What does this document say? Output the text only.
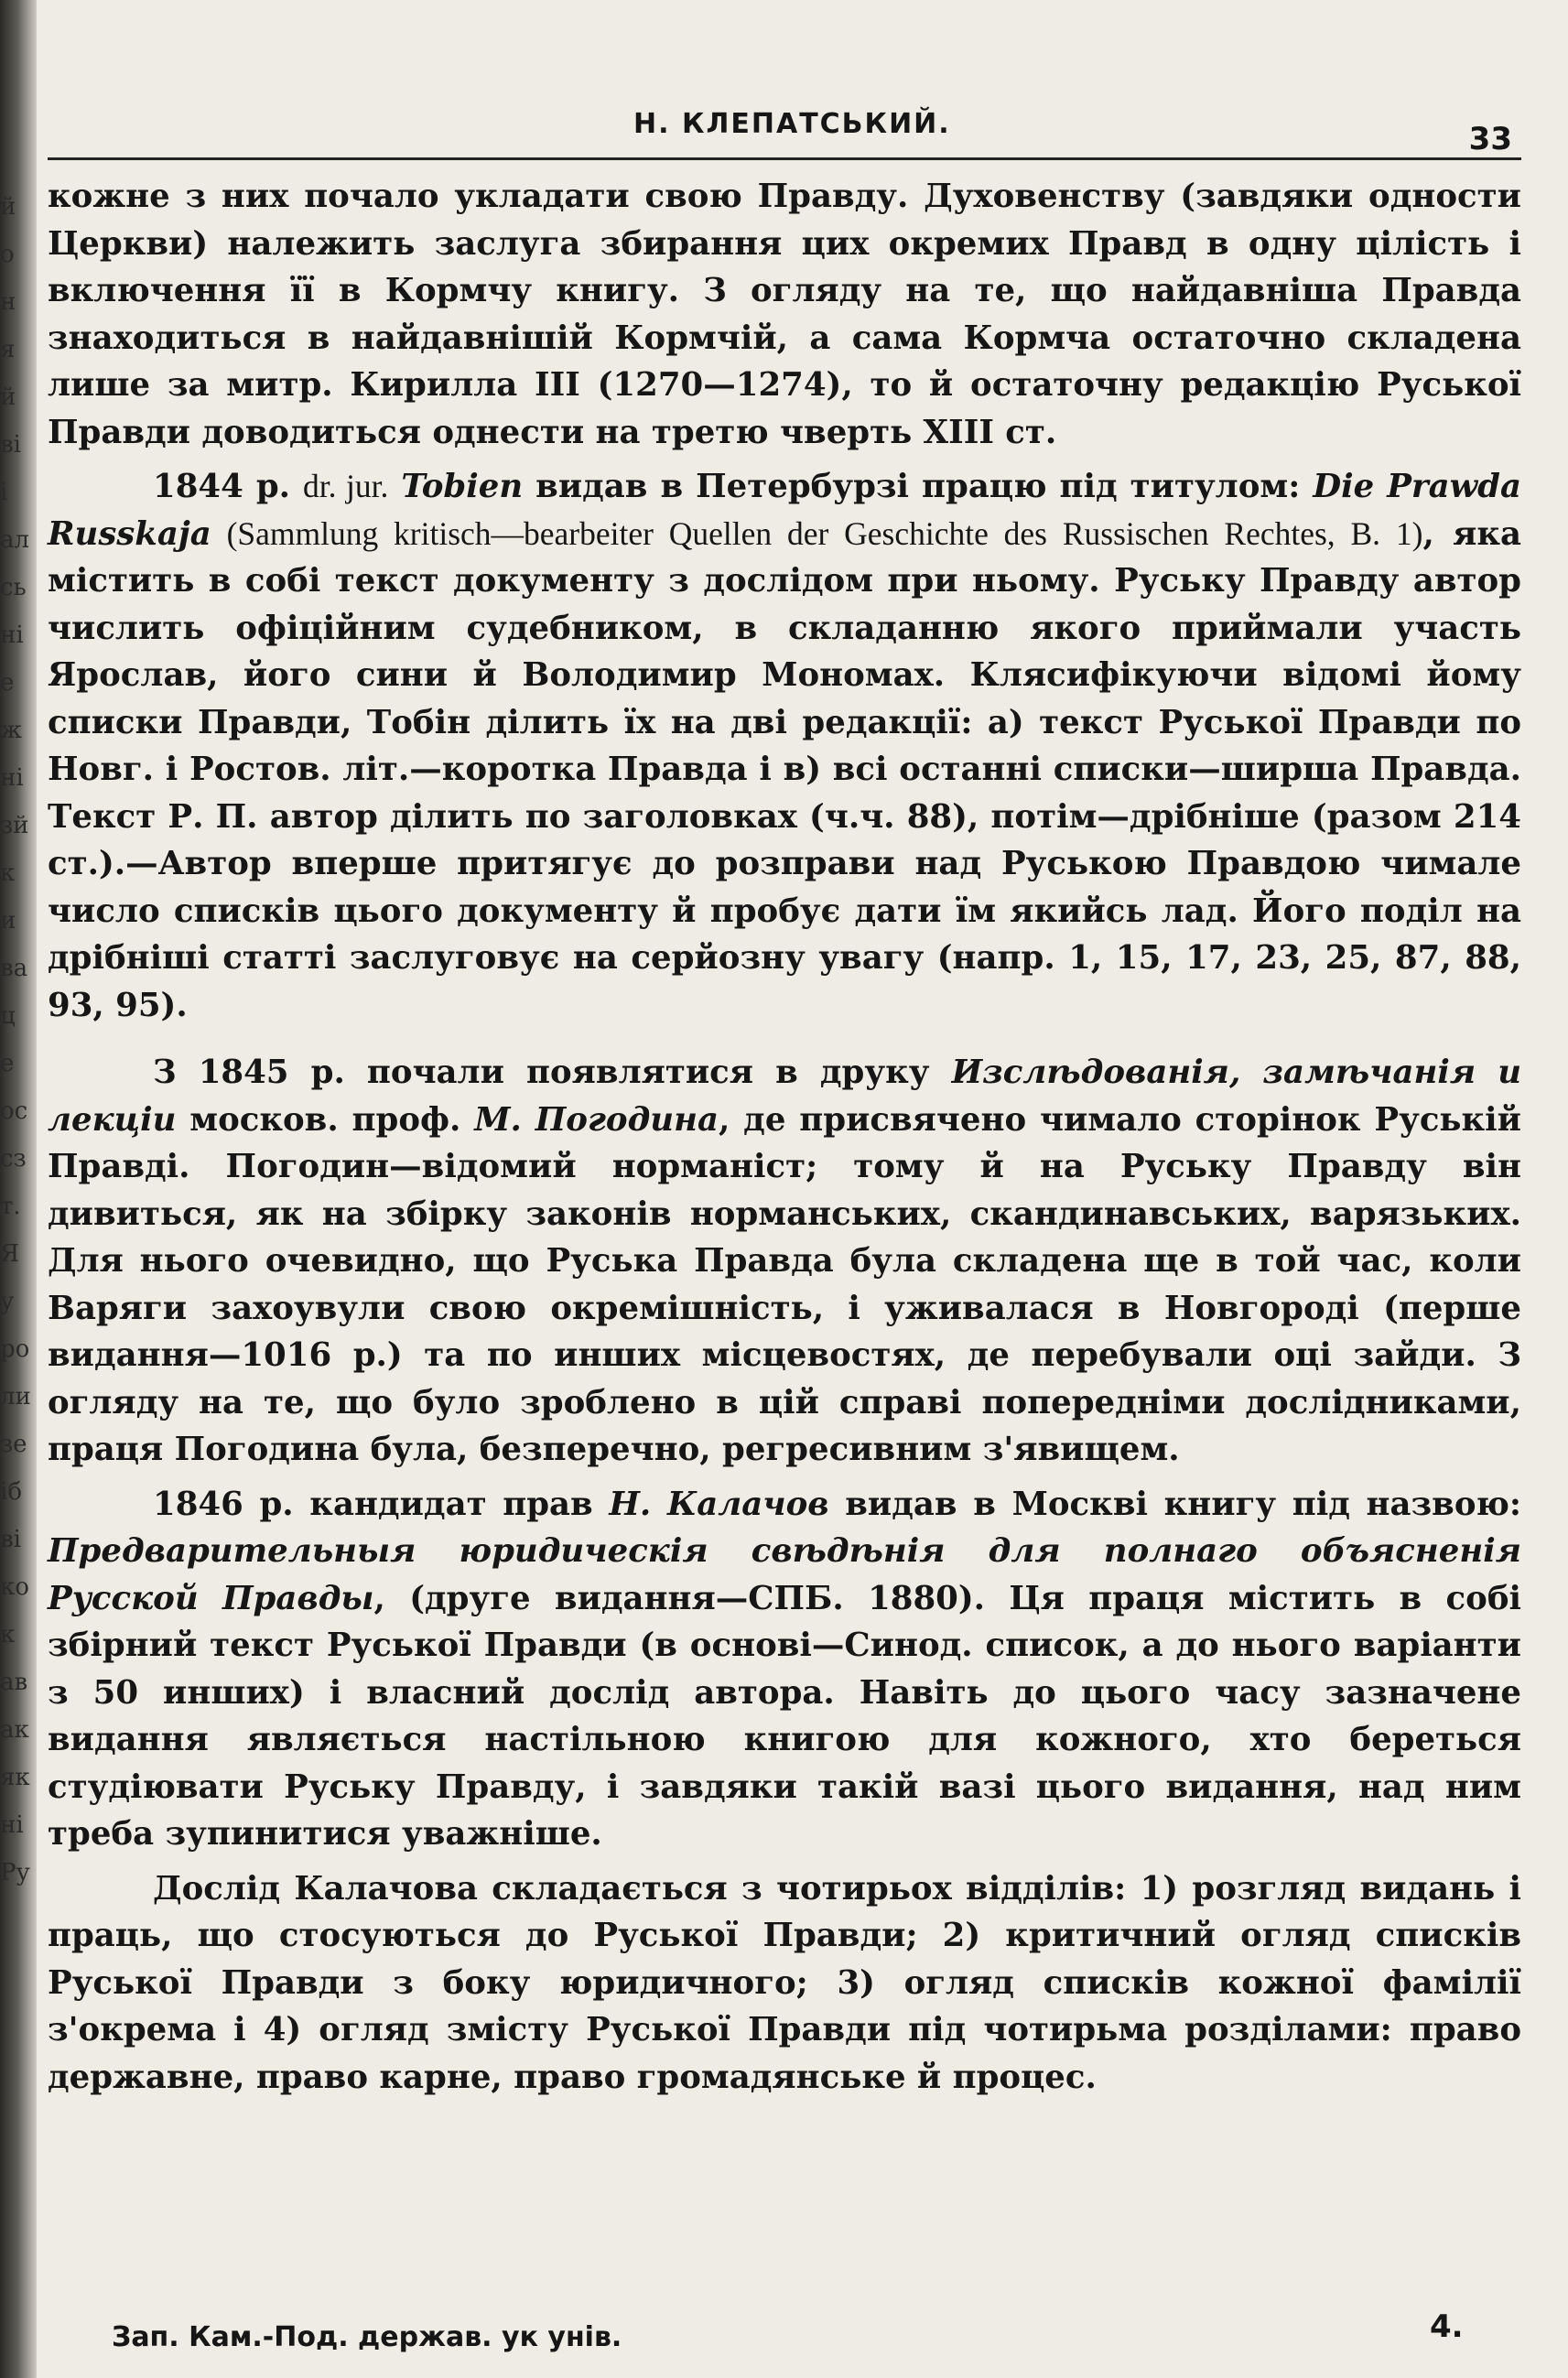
й
о
н
я
й
ві
і
ал
сь
ні
е
ж
ні
зй
к
и
ва
ц
е
ос
сз
т.
Я
у
ро
ли
зе
іб
ві
ко
к
ав
ак
як
ні
Ру
Н. КЛЕПАТСЬКИЙ.	33

кожне з них почало укладати свою Правду. Духовенству (завдяки одности Церкви) належить заслуга збирання цих окремих Правд в одну цілість і включення її в Кормчу книгу. З огляду на те, що найдавніша Правда знаходиться в найдавнішій Кормчій, а сама Кормча остаточно складена лише за митр. Кирилла III (1270—1274), то й остаточну редакцію Руської Правди доводиться однести на третю чверть XIII ст.

1844 р. dr. jur. Tobien видав в Петербурзі працю під титулом: Die Prawda Russkaja (Sammlung kritisch—bearbeiter Quellen der Geschichte des Russischen Rechtes, B. 1), яка містить в собі текст документу з дослідом при ньому. Руську Правду автор числить офіційним судебником, в складанню якого приймали участь Ярослав, його сини й Володимир Мономах. Кляcифікуючи відомі йому списки Правди, Тобін ділить їх на дві редакції: а) текст Руської Правди по Новг. і Ростов. літ.—коротка Правда і в) всі останні списки—ширша Правда. Текст Р. П. автор ділить по заголовках (ч.ч. 88), потім—дрібніше (разом 214 ст.).—Автор вперше притягує до розправи над Руською Правдою чимале число списків цього документу й пробує дати їм якийсь лад. Його поділ на дрібніші статті заслуговує на серйозну увагу (напр. 1, 15, 17, 23, 25, 87, 88, 93, 95).

З 1845 р. почали появлятися в друку Изслѣдованія, замѣчанія и лекціи москов. проф. М. Погодина, де присвячено чимало сторінок Руській Правді. Погодин—відомий норманіст; тому й на Руську Правду він дивиться, як на збірку законів норманських, скандинавських, варязьких. Для нього очевидно, що Руська Правда була складена ще в той час, коли Варяги захоувули свою окремішність, і уживалася в Новгороді (перше видання—1016 р.) та по инших місцевостях, де перебували оці зайди. З огляду на те, що було зроблено в цій справі попередніми дослідниками, праця Погодина була, безперечно, регресивним з'явищем.

1846 р. кандидат прав Н. Калачов видав в Москві книгу під назвою: Предварительныя юридическія свѣдѣнія для полнаго объясненія Русской Правды, (друге видання—СПБ. 1880). Ця праця містить в собі збірний текст Руської Правди (в основі—Синод. список, а до нього варіанти з 50 инших) і власний дослід автора. Навіть до цього часу зазначене видання являється настільною книгою для кожного, хто береться студіювати Руську Правду, і завдяки такій вазі цього видання, над ним треба зупинитися уважніше.

Дослід Калачова складається з чотирьох відділів: 1) розгляд видань і праць, що стосуються до Руської Правди; 2) критичний огляд списків Руської Правди з боку юридичного; 3) огляд списків кожної фамілії з'окрема і 4) огляд змісту Руської Правди під чотирьма розділами: право державне, право карне, право громадянське й процес.

Зап. Кам.-Под. держав. ук унів.	4.
